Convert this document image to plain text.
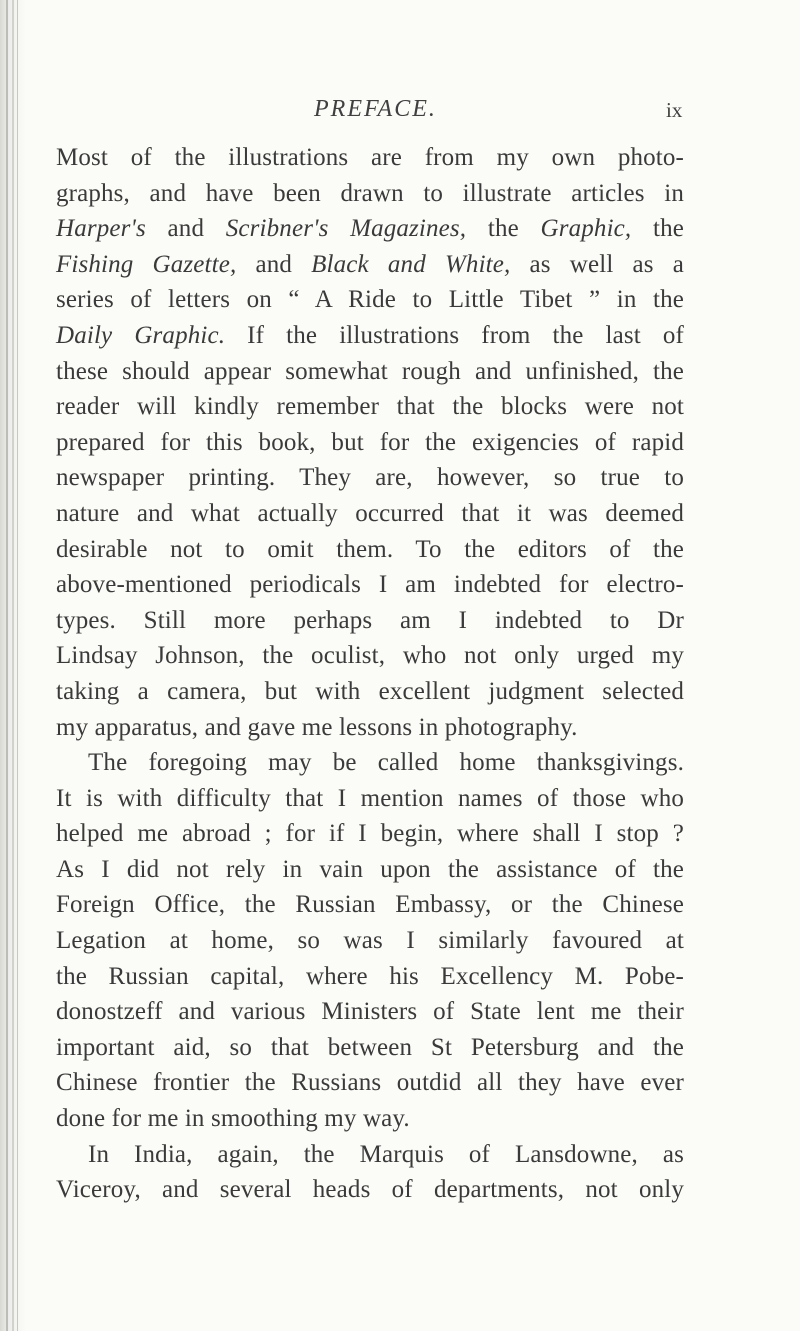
PREFACE.	ix
Most of the illustrations are from my own photo-
graphs, and have been drawn to illustrate articles in
Harper's and Scribner's Magazines, the Graphic, the
Fishing Gazette, and Black and White, as well as a
series of letters on “ A Ride to Little Tibet ” in the
Daily Graphic. If the illustrations from the last of
these should appear somewhat rough and unfinished, the
reader will kindly remember that the blocks were not
prepared for this book, but for the exigencies of rapid
newspaper printing. They are, however, so true to
nature and what actually occurred that it was deemed
desirable not to omit them. To the editors of the
above-mentioned periodicals I am indebted for electro-
types. Still more perhaps am I indebted to Dr
Lindsay Johnson, the oculist, who not only urged my
taking a camera, but with excellent judgment selected
my apparatus, and gave me lessons in photography.
The foregoing may be called home thanksgivings.
It is with difficulty that I mention names of those who
helped me abroad ; for if I begin, where shall I stop ?
As I did not rely in vain upon the assistance of the
Foreign Office, the Russian Embassy, or the Chinese
Legation at home, so was I similarly favoured at
the Russian capital, where his Excellency M. Pobe-
donostzeff and various Ministers of State lent me their
important aid, so that between St Petersburg and the
Chinese frontier the Russians outdid all they have ever
done for me in smoothing my way.
In India, again, the Marquis of Lansdowne, as
Viceroy, and several heads of departments, not only
